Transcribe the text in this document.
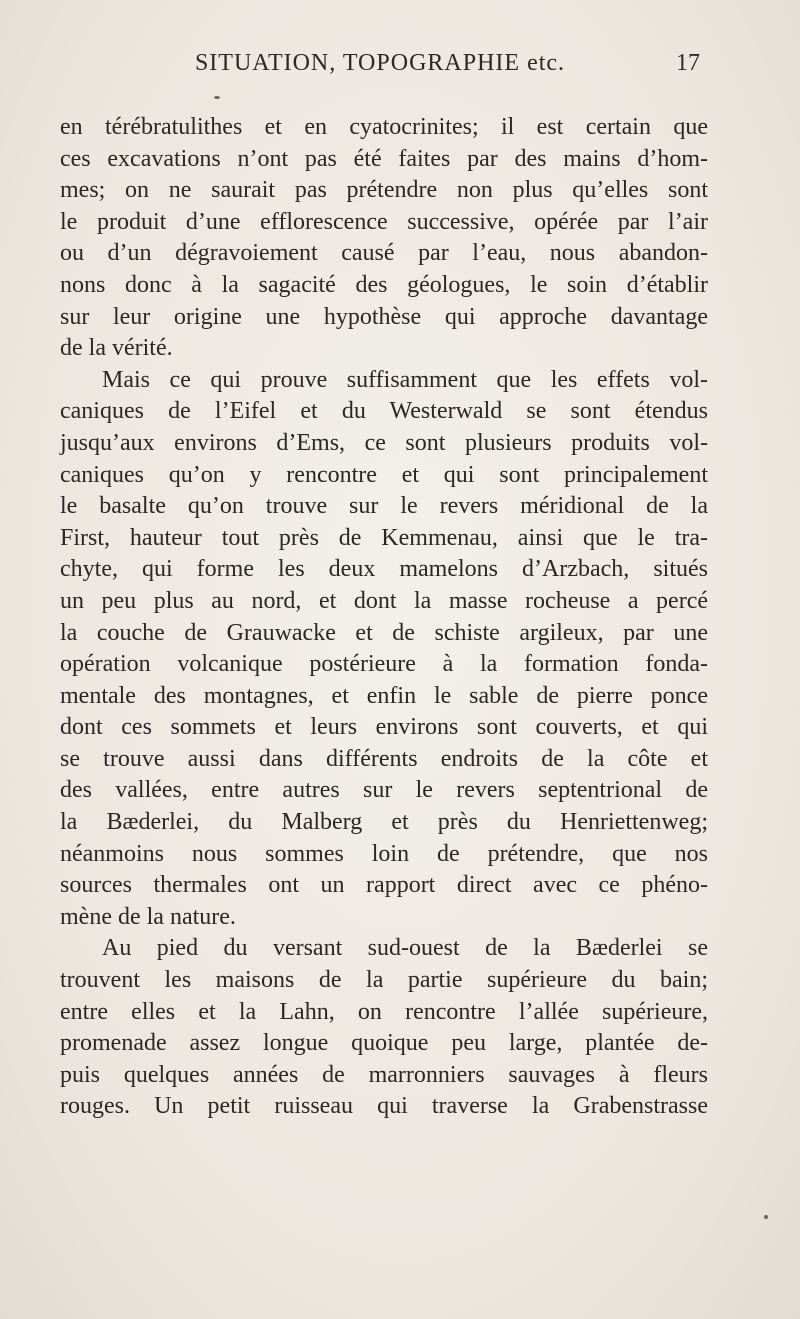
SITUATION, TOPOGRAPHIE etc.	17
en térébratulithes et en cyatocrinites; il est certain que
ces excavations n’ont pas été faites par des mains d’hom-
mes; on ne saurait pas prétendre non plus qu’elles sont
le produit d’une efflorescence successive, opérée par l’air
ou d’un dégravoiement causé par l’eau, nous abandon-
nons donc à la sagacité des géologues, le soin d’établir
sur leur origine une hypothèse qui approche davantage
de la vérité.
Mais ce qui prouve suffisamment que les effets vol-
caniques de l’Eifel et du Westerwald se sont étendus
jusqu’aux environs d’Ems, ce sont plusieurs produits vol-
caniques qu’on y rencontre et qui sont principalement
le basalte qu’on trouve sur le revers méridional de la
First, hauteur tout près de Kemmenau, ainsi que le tra-
chyte, qui forme les deux mamelons d’Arzbach, situés
un peu plus au nord, et dont la masse rocheuse a percé
la couche de Grauwacke et de schiste argileux, par une
opération volcanique postérieure à la formation fonda-
mentale des montagnes, et enfin le sable de pierre ponce
dont ces sommets et leurs environs sont couverts, et qui
se trouve aussi dans différents endroits de la côte et
des vallées, entre autres sur le revers septentrional de
la Bæderlei, du Malberg et près du Henriettenweg;
néanmoins nous sommes loin de prétendre, que nos
sources thermales ont un rapport direct avec ce phéno-
mène de la nature.
Au pied du versant sud-ouest de la Bæderlei se
trouvent les maisons de la partie supérieure du bain;
entre elles et la Lahn, on rencontre l’allée supérieure,
promenade assez longue quoique peu large, plantée de-
puis quelques années de marronniers sauvages à fleurs
rouges. Un petit ruisseau qui traverse la Grabenstrasse
